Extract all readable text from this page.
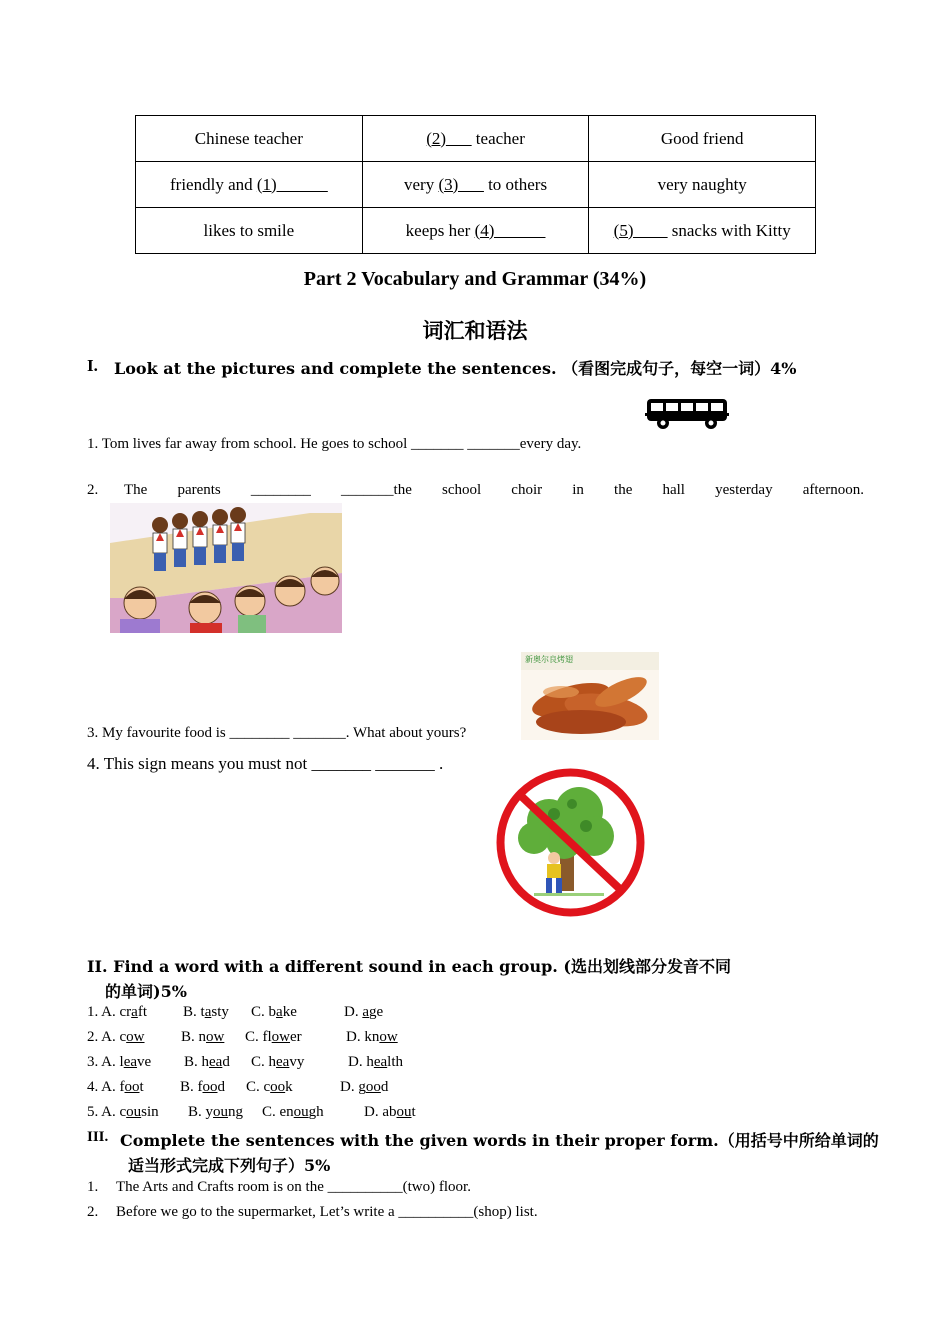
Chinese teacher	(2)___ teacher	Good friend
friendly and (1)______	very (3)___ to others	very naughty
likes to smile	keeps her (4)______	(5)____ snacks with Kitty
Part 2 Vocabulary and Grammar (34%)
词汇和语法
I. Look at the pictures and complete the sentences. （看图完成句子，每空一词）4%
1. Tom lives far away from school. He goes to school _______ _______every day.
2. The parents ________ _______the school choir in the hall yesterday afternoon.
新奥尔良烤翅
3. My favourite food is ________ _______. What about yours?
4. This sign means you must not _______ _______ .
II. Find a word with a different sound in each group. (选出划线部分发音不同
的单词)5%
1. A. craft B. tasty C. bake	D. age
2. A. cow B. now C. flower	D. know
3. A. leave B. head C. heavy	D. health
4. A. foot B. food C. cook	D. good
5. A. cousin B. young C. enough	D. about
III. Complete the sentences with the given words in their proper form.（用括号中所给单词的
适当形式完成下列句子）5%
1. The Arts and Crafts room is on the __________(two) floor.
2. Before we go to the supermarket, Let’s write a __________(shop) list.
